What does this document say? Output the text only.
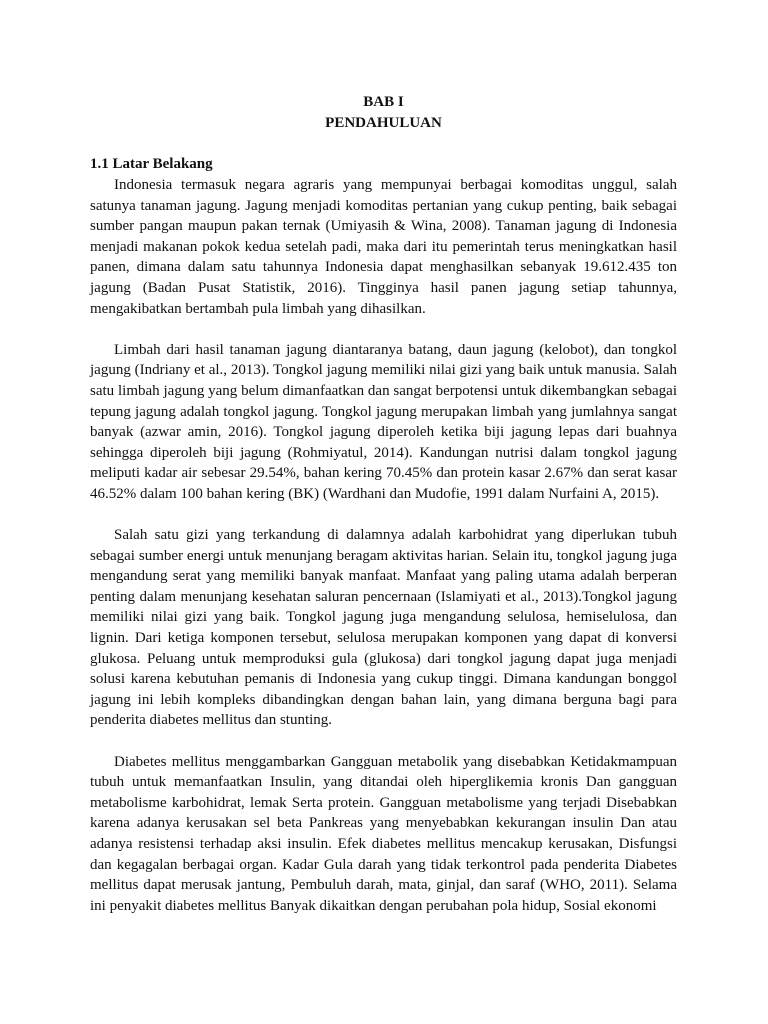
BAB I

PENDAHULUAN

1.1 Latar Belakang

Indonesia termasuk negara agraris yang mempunyai berbagai komoditas unggul, salah satunya tanaman jagung. Jagung menjadi komoditas pertanian yang cukup penting, baik sebagai sumber pangan maupun pakan ternak (Umiyasih & Wina, 2008). Tanaman jagung di Indonesia menjadi makanan pokok kedua setelah padi, maka dari itu pemerintah terus meningkatkan hasil panen, dimana dalam satu tahunnya Indonesia dapat menghasilkan sebanyak 19.612.435 ton jagung (Badan Pusat Statistik, 2016). Tingginya hasil panen jagung setiap tahunnya, mengakibatkan bertambah pula limbah yang dihasilkan.

Limbah dari hasil tanaman jagung diantaranya batang, daun jagung (kelobot), dan tongkol jagung (Indriany et al., 2013). Tongkol jagung memiliki nilai gizi yang baik untuk manusia. Salah satu limbah jagung yang belum dimanfaatkan dan sangat berpotensi untuk dikembangkan sebagai tepung jagung adalah tongkol jagung. Tongkol jagung merupakan limbah yang jumlahnya sangat banyak (azwar amin, 2016). Tongkol jagung diperoleh ketika biji jagung lepas dari buahnya sehingga diperoleh biji jagung (Rohmiyatul, 2014). Kandungan nutrisi dalam tongkol jagung meliputi kadar air sebesar 29.54%, bahan kering 70.45% dan protein kasar 2.67% dan serat kasar 46.52% dalam 100 bahan kering (BK) (Wardhani dan Mudofie, 1991 dalam Nurfaini A, 2015).

Salah satu gizi yang terkandung di dalamnya adalah karbohidrat yang diperlukan tubuh sebagai sumber energi untuk menunjang beragam aktivitas harian. Selain itu, tongkol jagung juga mengandung serat yang memiliki banyak manfaat. Manfaat yang paling utama adalah berperan penting dalam menunjang kesehatan saluran pencernaan (Islamiyati et al., 2013).Tongkol jagung memiliki nilai gizi yang baik. Tongkol jagung juga mengandung selulosa, hemiselulosa, dan lignin. Dari ketiga komponen tersebut, selulosa merupakan komponen yang dapat di konversi glukosa. Peluang untuk memproduksi gula (glukosa) dari tongkol jagung dapat juga menjadi solusi karena kebutuhan pemanis di Indonesia yang cukup tinggi. Dimana kandungan bonggol jagung ini lebih kompleks dibandingkan dengan bahan lain, yang dimana berguna bagi para penderita diabetes mellitus dan stunting.

Diabetes mellitus menggambarkan Gangguan metabolik yang disebabkan Ketidakmampuan tubuh untuk memanfaatkan Insulin, yang ditandai oleh hiperglikemia kronis Dan gangguan metabolisme karbohidrat, lemak Serta protein. Gangguan metabolisme yang terjadi Disebabkan karena adanya kerusakan sel beta Pankreas yang menyebabkan kekurangan insulin Dan atau adanya resistensi terhadap aksi insulin. Efek diabetes mellitus mencakup kerusakan, Disfungsi dan kegagalan berbagai organ. Kadar Gula darah yang tidak terkontrol pada penderita Diabetes mellitus dapat merusak jantung, Pembuluh darah, mata, ginjal, dan saraf (WHO, 2011). Selama ini penyakit diabetes mellitus Banyak dikaitkan dengan perubahan pola hidup, Sosial ekonomi
